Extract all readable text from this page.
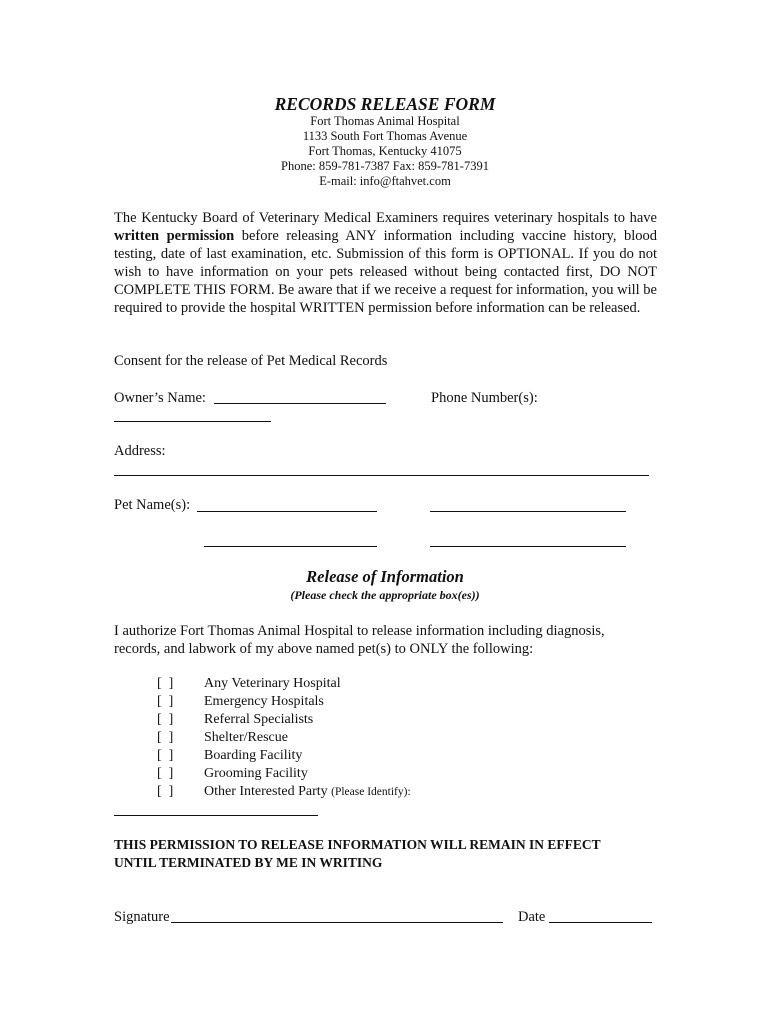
RECORDS RELEASE FORM
Fort Thomas Animal Hospital
1133 South Fort Thomas Avenue
Fort Thomas, Kentucky 41075
Phone: 859-781-7387 Fax: 859-781-7391
E-mail: info@ftahvet.com
The Kentucky Board of Veterinary Medical Examiners requires veterinary hospitals to have written permission before releasing ANY information including vaccine history, blood testing, date of last examination, etc. Submission of this form is OPTIONAL. If you do not wish to have information on your pets released without being contacted first, DO NOT COMPLETE THIS FORM. Be aware that if we receive a request for information, you will be required to provide the hospital WRITTEN permission before information can be released.
Consent for the release of Pet Medical Records
Owner’s Name:	Phone Number(s):
Address:
Pet Name(s):
Release of Information
(Please check the appropriate box(es))
I authorize Fort Thomas Animal Hospital to release information including diagnosis, records, and labwork of my above named pet(s) to ONLY the following:
[  ] Any Veterinary Hospital
[  ] Emergency Hospitals
[  ] Referral Specialists
[  ] Shelter/Rescue
[  ] Boarding Facility
[  ] Grooming Facility
[  ] Other Interested Party (Please Identify):
THIS PERMISSION TO RELEASE INFORMATION WILL REMAIN IN EFFECT UNTIL TERMINATED BY ME IN WRITING
Signature	Date
